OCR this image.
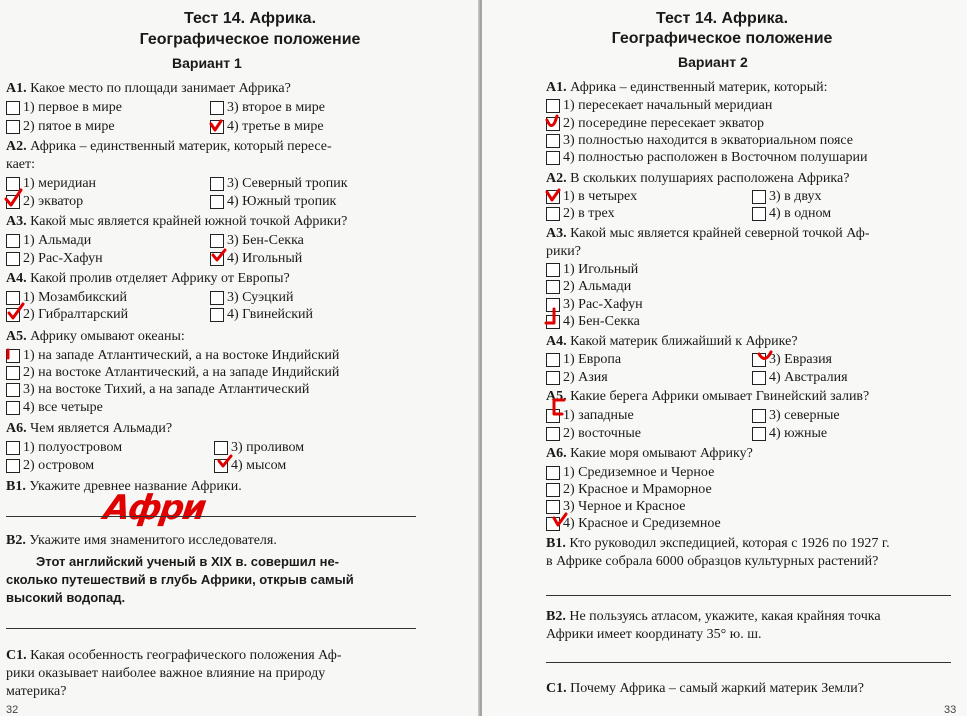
Тест 14. Африка.
Географическое положение
Вариант 1
А1. Какое место по площади занимает Африка?
1) первое в мире	3) второе в мире
2) пятое в мире	4) третье в мире
А2. Африка – единственный материк, который пересе-
кает:
1) меридиан	3) Северный тропик
2) экватор	4) Южный тропик
А3. Какой мыс является крайней южной точкой Африки?
1) Альмади	3) Бен-Секка
2) Рас-Хафун	4) Игольный
А4. Какой пролив отделяет Африку от Европы?
1) Мозамбикский	3) Суэцкий
2) Гибралтарский	4) Гвинейский
А5. Африку омывают океаны:
1) на западе Атлантический, а на востоке Индийский
2) на востоке Атлантический, а на западе Индийский
3) на востоке Тихий, а на западе Атлантический
4) все четыре
А6. Чем является Альмади?
1) полуостровом	3) проливом
2) островом	4) мысом
В1. Укажите древнее название Африки.
Афри
В2. Укажите имя знаменитого исследователя.
Этот английский ученый в XIX в. совершил не-
сколько путешествий в глубь Африки, открыв самый
высокий водопад.
С1. Какая особенность географического положения Аф-
рики оказывает наиболее важное влияние на природу
материка?
32
Тест 14. Африка.
Географическое положение
Вариант 2
А1. Африка – единственный материк, который:
1) пересекает начальный меридиан
2) посередине пересекает экватор
3) полностью находится в экваториальном поясе
4) полностью расположен в Восточном полушарии
А2. В скольких полушариях расположена Африка?
1) в четырех	3) в двух
2) в трех	4) в одном
А3. Какой мыс является крайней северной точкой Аф-
рики?
1) Игольный
2) Альмади
3) Рас-Хафун
4) Бен-Секка
А4. Какой материк ближайший к Африке?
1) Европа	3) Евразия
2) Азия	4) Австралия
А5. Какие берега Африки омывает Гвинейский залив?
1) западные	3) северные
2) восточные	4) южные
А6. Какие моря омывают Африку?
1) Средиземное и Черное
2) Красное и Мраморное
3) Черное и Красное
4) Красное и Средиземное
В1. Кто руководил экспедицией, которая с 1926 по 1927 г.
в Африке собрала 6000 образцов культурных растений?
В2. Не пользуясь атласом, укажите, какая крайняя точка
Африки имеет координату 35° ю. ш.
С1. Почему Африка – самый жаркий материк Земли?
33
